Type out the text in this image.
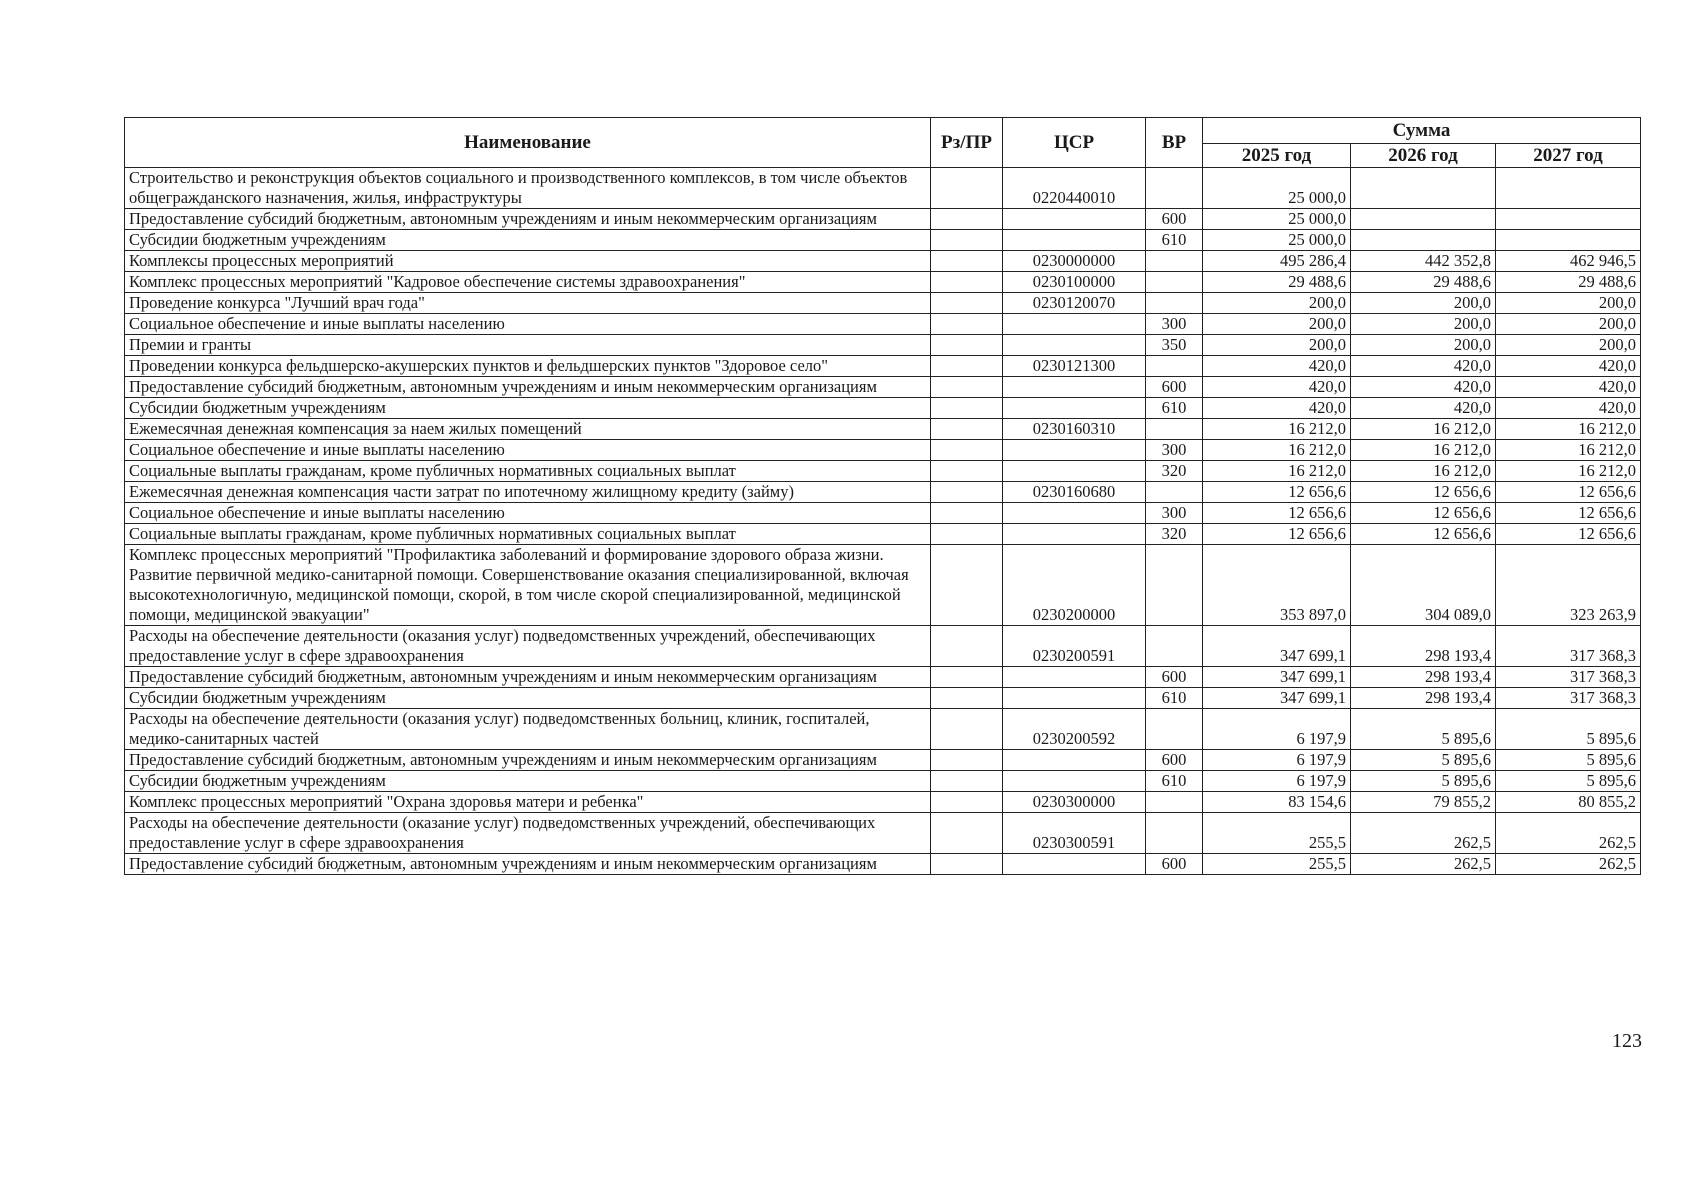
Наименование	Рз/ПР	ЦСР	ВР	Сумма		
				2025 год	2026 год	2027 год
Строительство и реконструкция объектов социального и производственного комплексов, в том числе объектов общегражданского назначения, жилья, инфраструктуры		0220440010		25 000,0		
Предоставление субсидий бюджетным, автономным учреждениям и иным некоммерческим организациям			600	25 000,0		
Субсидии бюджетным учреждениям			610	25 000,0		
Комплексы процессных мероприятий		0230000000		495 286,4	442 352,8	462 946,5
Комплекс процессных мероприятий "Кадровое обеспечение системы здравоохранения"		0230100000		29 488,6	29 488,6	29 488,6
Проведение конкурса "Лучший врач года"		0230120070		200,0	200,0	200,0
Социальное обеспечение и иные выплаты населению			300	200,0	200,0	200,0
Премии и гранты			350	200,0	200,0	200,0
Проведении конкурса фельдшерско-акушерских пунктов и фельдшерских пунктов "Здоровое село"		0230121300		420,0	420,0	420,0
Предоставление субсидий бюджетным, автономным учреждениям и иным некоммерческим организациям			600	420,0	420,0	420,0
Субсидии бюджетным учреждениям			610	420,0	420,0	420,0
Ежемесячная денежная компенсация за наем жилых помещений		0230160310		16 212,0	16 212,0	16 212,0
Социальное обеспечение и иные выплаты населению			300	16 212,0	16 212,0	16 212,0
Социальные выплаты гражданам, кроме публичных нормативных социальных выплат			320	16 212,0	16 212,0	16 212,0
Ежемесячная денежная компенсация части затрат по ипотечному жилищному кредиту (займу)		0230160680		12 656,6	12 656,6	12 656,6
Социальное обеспечение и иные выплаты населению			300	12 656,6	12 656,6	12 656,6
Социальные выплаты гражданам, кроме публичных нормативных социальных выплат			320	12 656,6	12 656,6	12 656,6
Комплекс процессных мероприятий "Профилактика заболеваний и формирование здорового образа жизни. Развитие первичной медико-санитарной помощи. Совершенствование оказания специализированной, включая высокотехнологичную, медицинской помощи, скорой, в том числе скорой специализированной, медицинской помощи, медицинской эвакуации"		0230200000		353 897,0	304 089,0	323 263,9
Расходы на обеспечение деятельности (оказания услуг) подведомственных учреждений, обеспечивающих предоставление услуг в сфере здравоохранения		0230200591		347 699,1	298 193,4	317 368,3
Предоставление субсидий бюджетным, автономным учреждениям и иным некоммерческим организациям			600	347 699,1	298 193,4	317 368,3
Субсидии бюджетным учреждениям			610	347 699,1	298 193,4	317 368,3
Расходы на обеспечение деятельности (оказания услуг) подведомственных больниц, клиник, госпиталей, медико-санитарных частей		0230200592		6 197,9	5 895,6	5 895,6
Предоставление субсидий бюджетным, автономным учреждениям и иным некоммерческим организациям			600	6 197,9	5 895,6	5 895,6
Субсидии бюджетным учреждениям			610	6 197,9	5 895,6	5 895,6
Комплекс процессных мероприятий "Охрана здоровья матери и ребенка"		0230300000		83 154,6	79 855,2	80 855,2
Расходы на обеспечение деятельности (оказание услуг) подведомственных учреждений, обеспечивающих предоставление услуг в сфере здравоохранения		0230300591		255,5	262,5	262,5
Предоставление субсидий бюджетным, автономным учреждениям и иным некоммерческим организациям			600	255,5	262,5	262,5
123
